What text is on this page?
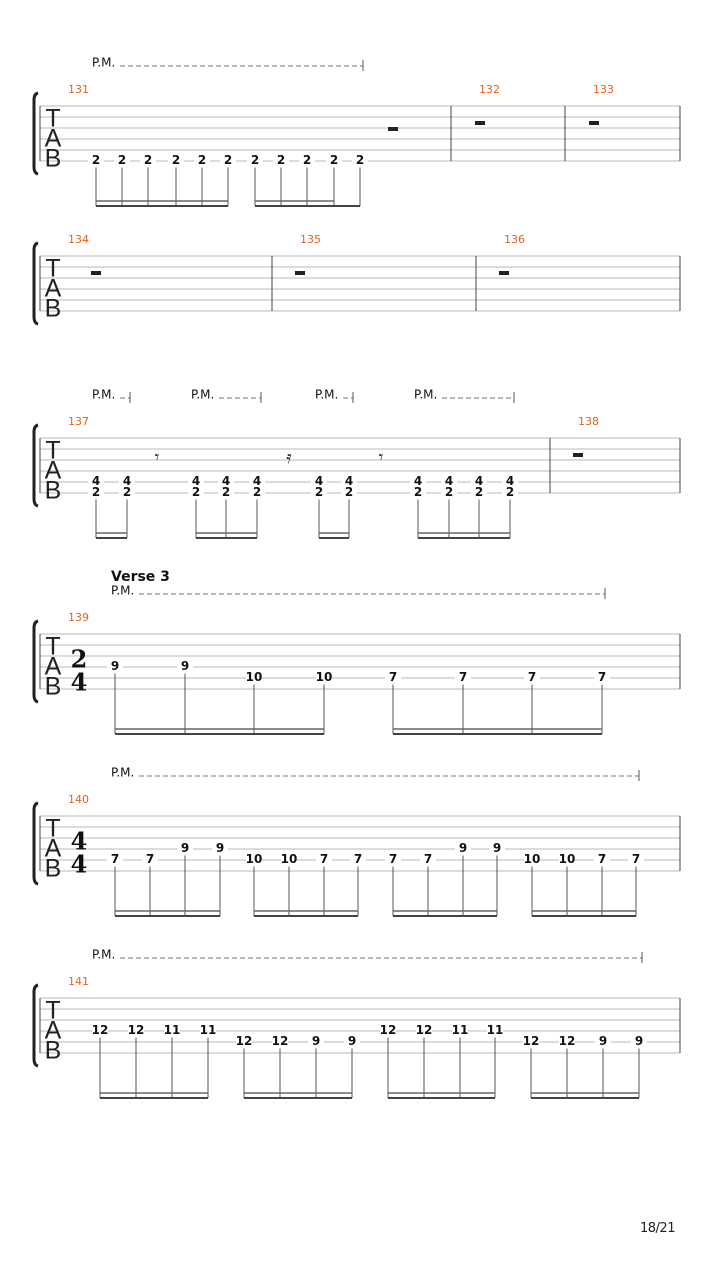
T
A
B
P.M.
131
2 2 2 2 2 2 2 2 2 2 2
132	133
T
A
B
134	135	136
T
A
B
P.M.	P.M.	P.M.	P.M.
137
4
2
4
2
𝄾
4
2
4
2
4
2
𝄿
4
2
4
2
𝄾
4
2
4
2
4
2
4
2
138
T
A
B
Verse 3
P.M.
2
4
139
9	9
10	10	7	7	7	7
T
A
B
P.M.
4
4
140
7 7
9 9
10 10 7 7 7 7
9 9
10 10 7 7
T
A
B
P.M.
141
12 12 11 11
12 12 9 9
12 12 11 11
12 12 9 9
18/21
